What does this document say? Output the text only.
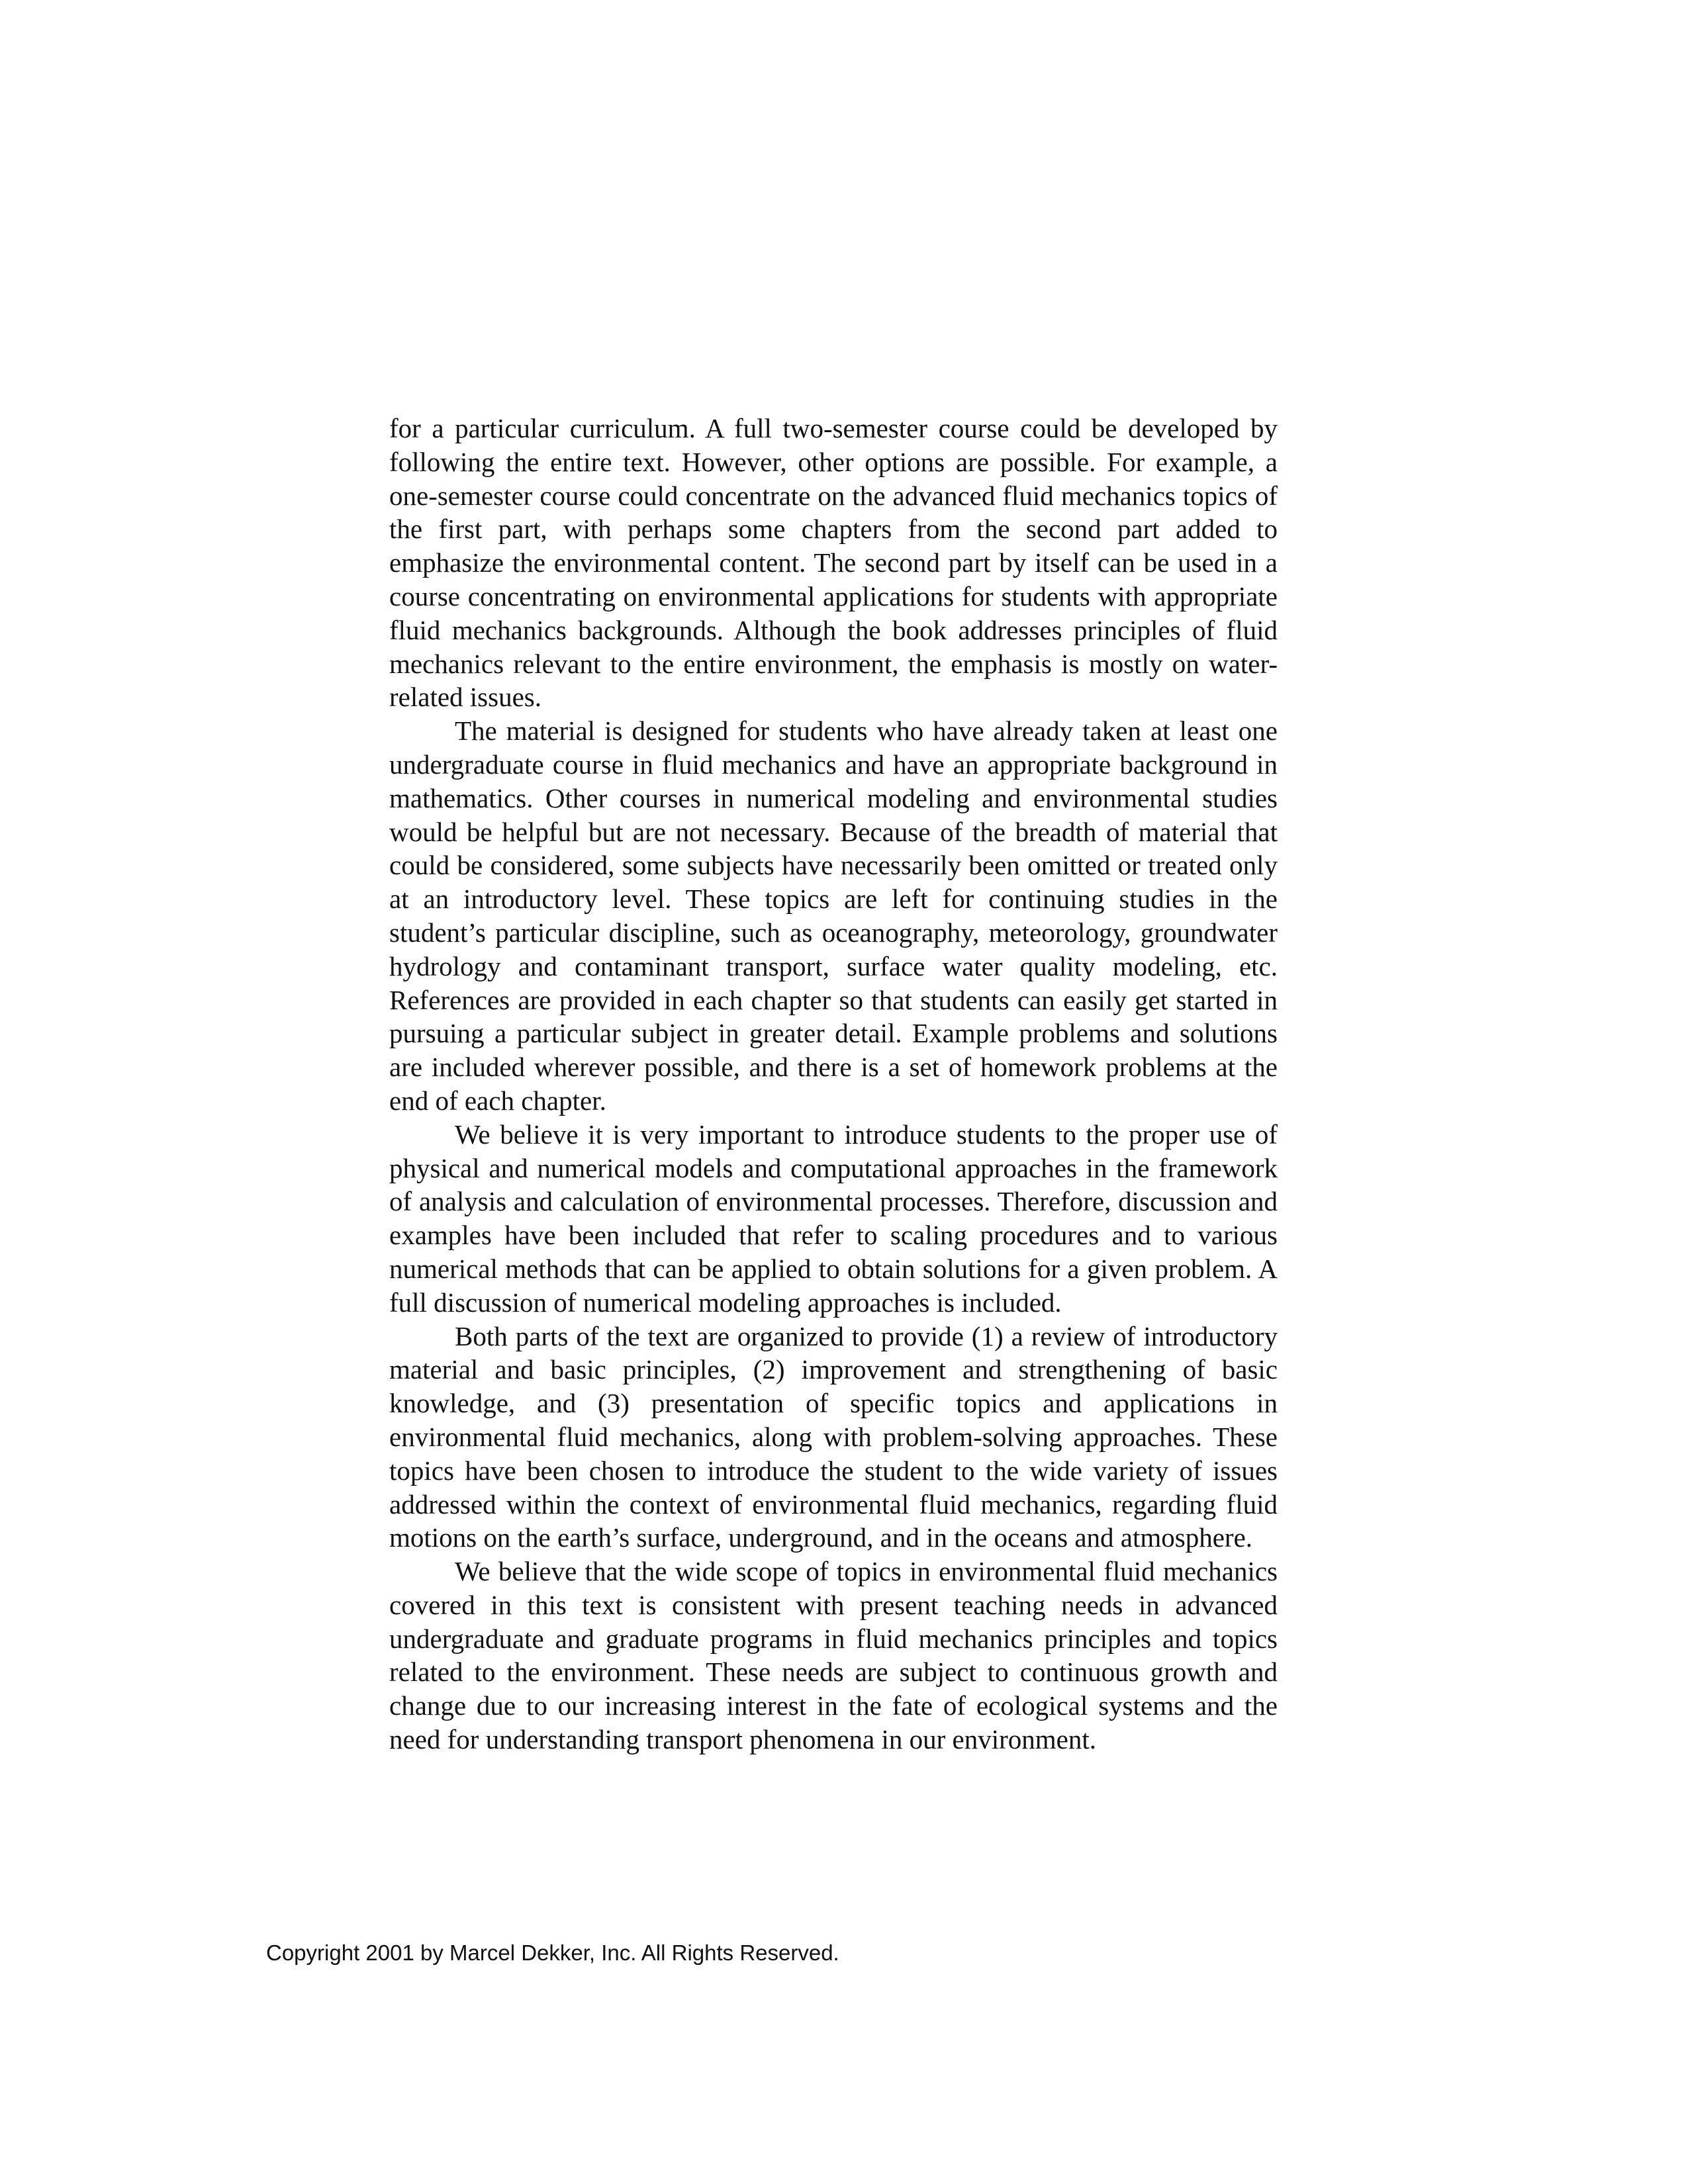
for a particular curriculum. A full two-semester course could be developed by following the entire text. However, other options are possible. For example, a one-semester course could concentrate on the advanced fluid mechanics topics of the first part, with perhaps some chapters from the second part added to emphasize the environmental content. The second part by itself can be used in a course concentrating on environmental applications for students with appropriate fluid mechanics backgrounds. Although the book addresses principles of fluid mechanics relevant to the entire environment, the emphasis is mostly on water-related issues.

The material is designed for students who have already taken at least one undergraduate course in fluid mechanics and have an appropriate background in mathematics. Other courses in numerical modeling and environmental studies would be helpful but are not necessary. Because of the breadth of material that could be considered, some subjects have necessarily been omitted or treated only at an introductory level. These topics are left for continuing studies in the student’s particular discipline, such as oceanography, meteorology, groundwater hydrology and contaminant transport, surface water quality modeling, etc. References are provided in each chapter so that students can easily get started in pursuing a particular subject in greater detail. Example problems and solutions are included wherever possible, and there is a set of homework problems at the end of each chapter.

We believe it is very important to introduce students to the proper use of physical and numerical models and computational approaches in the framework of analysis and calculation of environmental processes. Therefore, discussion and examples have been included that refer to scaling procedures and to various numerical methods that can be applied to obtain solutions for a given problem. A full discussion of numerical modeling approaches is included.

Both parts of the text are organized to provide (1) a review of introductory material and basic principles, (2) improvement and strengthening of basic knowledge, and (3) presentation of specific topics and applications in environmental fluid mechanics, along with problem-solving approaches. These topics have been chosen to introduce the student to the wide variety of issues addressed within the context of environmental fluid mechanics, regarding fluid motions on the earth’s surface, underground, and in the oceans and atmosphere.

We believe that the wide scope of topics in environmental fluid mechanics covered in this text is consistent with present teaching needs in advanced undergraduate and graduate programs in fluid mechanics principles and topics related to the environment. These needs are subject to continuous growth and change due to our increasing interest in the fate of ecological systems and the need for understanding transport phenomena in our environment.

Copyright 2001 by Marcel Dekker, Inc. All Rights Reserved.
